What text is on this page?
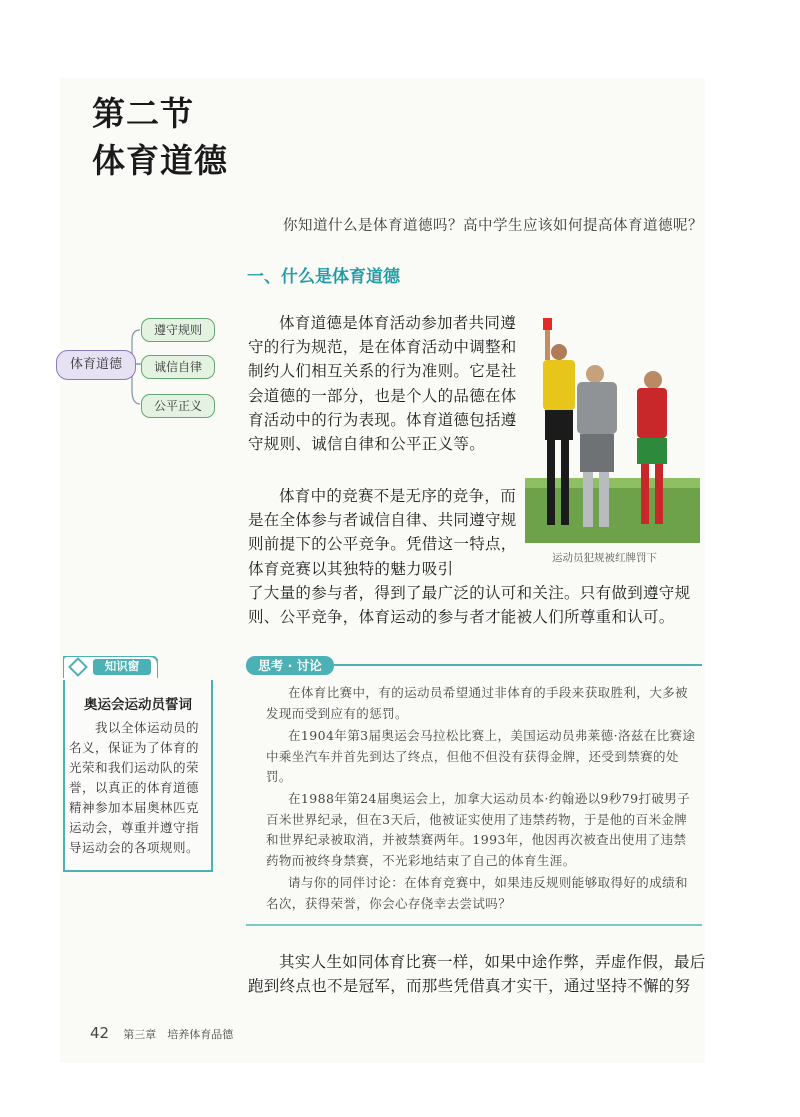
第二节
体育道德
你知道什么是体育道德吗？高中学生应该如何提高体育道德呢？
一、什么是体育道德
体育道德
遵守规则
诚信自律
公平正义
体育道德是体育活动参加者共同遵守的行为规范，是在体育活动中调整和制约人们相互关系的行为准则。它是社会道德的一部分，也是个人的品德在体育活动中的行为表现。体育道德包括遵守规则、诚信自律和公平正义等。
体育中的竞赛不是无序的竞争，而是在全体参与者诚信自律、共同遵守规则前提下的公平竞争。凭借这一特点，体育竞赛以其独特的魅力吸引
了大量的参与者，得到了最广泛的认可和关注。只有做到遵守规则、公平竞争，体育运动的参与者才能被人们所尊重和认可。
运动员犯规被红牌罚下
知识窗
奥运会运动员誓词
我以全体运动员的名义，保证为了体育的光荣和我们运动队的荣誉，以真正的体育道德精神参加本届奥林匹克运动会，尊重并遵守指导运动会的各项规则。
思考 · 讨论
在体育比赛中，有的运动员希望通过非体育的手段来获取胜利，大多被发现而受到应有的惩罚。
在1904年第3届奥运会马拉松比赛上，美国运动员弗莱德·洛兹在比赛途中乘坐汽车并首先到达了终点，但他不但没有获得金牌，还受到禁赛的处罚。
在1988年第24届奥运会上，加拿大运动员本·约翰逊以9秒79打破男子百米世界纪录，但在3天后，他被证实使用了违禁药物，于是他的百米金牌和世界纪录被取消，并被禁赛两年。1993年，他因再次被查出使用了违禁药物而被终身禁赛，不光彩地结束了自己的体育生涯。
请与你的同伴讨论：在体育竞赛中，如果违反规则能够取得好的成绩和名次，获得荣誉，你会心存侥幸去尝试吗？
其实人生如同体育比赛一样，如果中途作弊，弄虚作假，最后跑到终点也不是冠军，而那些凭借真才实干，通过坚持不懈的努
42 第三章　培养体育品德
